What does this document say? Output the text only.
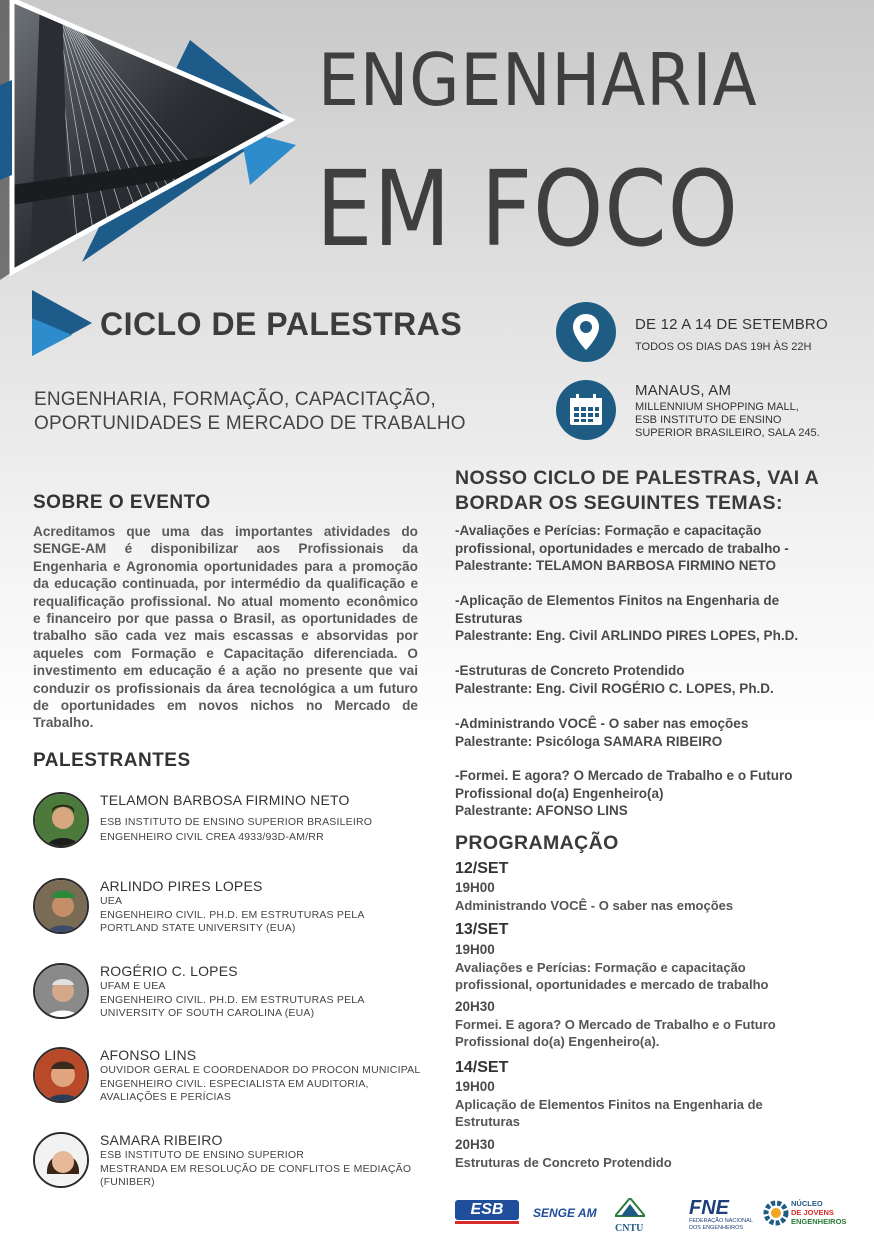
ENGENHARIA
EM FOCO
CICLO DE PALESTRAS
ENGENHARIA, FORMAÇÃO, CAPACITAÇÃO,
OPORTUNIDADES E MERCADO DE TRABALHO
DE 12 A 14 DE SETEMBRO
TODOS OS DIAS DAS 19H ÀS 22H
MANAUS, AM
MILLENNIUM SHOPPING MALL,
ESB INSTITUTO DE ENSINO
SUPERIOR BRASILEIRO, SALA 245.
SOBRE O EVENTO
Acreditamos que uma das importantes atividades do SENGE-AM é disponibilizar aos Profissionais da Engenharia e Agronomia oportunidades para a promoção da educação continuada, por intermédio da qualificação e requalificação profissional. No atual momento econômico e financeiro por que passa o Brasil, as oportunidades de trabalho são cada vez mais escassas e absorvidas por aqueles com Formação e Capacitação diferenciada. O investimento em educação é a ação no presente que vai conduzir os profissionais da área tecnológica a um futuro de oportunidades em novos nichos no Mercado de Trabalho.
PALESTRANTES
TELAMON BARBOSA FIRMINO NETO
ESB INSTITUTO DE ENSINO SUPERIOR BRASILEIRO
ENGENHEIRO CIVIL CREA 4933/93D-AM/RR
ARLINDO PIRES LOPES
UEA
ENGENHEIRO CIVIL. PH.D. EM ESTRUTURAS PELA
PORTLAND STATE UNIVERSITY (EUA)
ROGÉRIO C. LOPES
UFAM E UEA
ENGENHEIRO CIVIL. PH.D. EM ESTRUTURAS PELA
UNIVERSITY OF SOUTH CAROLINA (EUA)
AFONSO LINS
OUVIDOR GERAL E COORDENADOR DO PROCON MUNICIPAL
ENGENHEIRO CIVIL. ESPECIALISTA EM AUDITORIA,
AVALIAÇÕES E PERÍCIAS
SAMARA RIBEIRO
ESB INSTITUTO DE ENSINO SUPERIOR
MESTRANDA EM RESOLUÇÃO DE CONFLITOS E MEDIAÇÃO
(FUNIBER)
NOSSO CICLO DE PALESTRAS, VAI A
BORDAR OS SEGUINTES TEMAS:
-Avaliações e Perícias: Formação e capacitação
profissional, oportunidades e mercado de trabalho -
Palestrante: TELAMON BARBOSA FIRMINO NETO
-Aplicação de Elementos Finitos na Engenharia de
Estruturas
Palestrante: Eng. Civil ARLINDO PIRES LOPES, Ph.D.
-Estruturas de Concreto Protendido
Palestrante: Eng. Civil ROGÉRIO C. LOPES, Ph.D.
-Administrando VOCÊ - O saber nas emoções
Palestrante: Psicóloga SAMARA RIBEIRO
-Formei. E agora? O Mercado de Trabalho e o Futuro
Profissional do(a) Engenheiro(a)
Palestrante: AFONSO LINS
PROGRAMAÇÃO
12/SET
19H00
Administrando VOCÊ - O saber nas emoções
13/SET
19H00
Avaliações e Perícias: Formação e capacitação
profissional, oportunidades e mercado de trabalho
20H30
Formei. E agora? O Mercado de Trabalho e o Futuro
Profissional do(a) Engenheiro(a).
14/SET
19H00
Aplicação de Elementos Finitos na Engenharia de
Estruturas
20H30
Estruturas de Concreto Protendido
ESB	SENGE AM
CNTU
FNE
FEDERAÇÃO NACIONAL
DOS ENGENHEIROS
NÚCLEO
DE JOVENS
ENGENHEIROS
